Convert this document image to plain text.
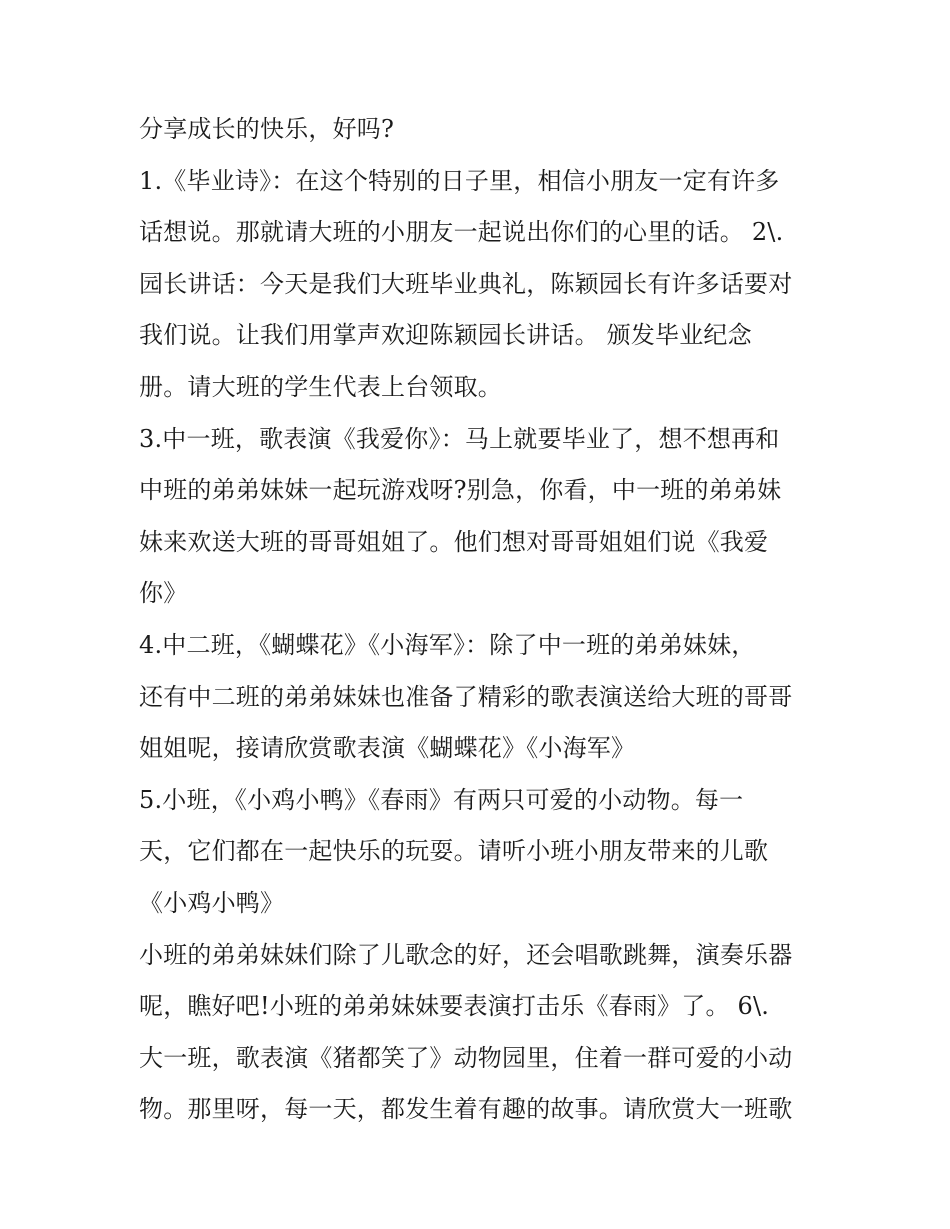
分享成长的快乐，好吗?

1.《毕业诗》：在这个特别的日子里，相信小朋友一定有许多

话想说。那就请大班的小朋友一起说出你们的心里的话。 2\.

园长讲话：今天是我们大班毕业典礼，陈颖园长有许多话要对

我们说。让我们用掌声欢迎陈颖园长讲话。 颁发毕业纪念

册。请大班的学生代表上台领取。

3.中一班，歌表演《我爱你》：马上就要毕业了，想不想再和

中班的弟弟妹妹一起玩游戏呀?别急，你看，中一班的弟弟妹

妹来欢送大班的哥哥姐姐了。他们想对哥哥姐姐们说《我爱

你》

4.中二班，《蝴蝶花》《小海军》：除了中一班的弟弟妹妹，

还有中二班的弟弟妹妹也准备了精彩的歌表演送给大班的哥哥

姐姐呢，接请欣赏歌表演《蝴蝶花》《小海军》

5.小班，《小鸡小鸭》《春雨》有两只可爱的小动物。每一

天，它们都在一起快乐的玩耍。请听小班小朋友带来的儿歌

《小鸡小鸭》

小班的弟弟妹妹们除了儿歌念的好，还会唱歌跳舞，演奏乐器

呢，瞧好吧!小班的弟弟妹妹要表演打击乐《春雨》了。 6\.

大一班，歌表演《猪都笑了》动物园里，住着一群可爱的小动

物。那里呀，每一天，都发生着有趣的故事。请欣赏大一班歌
